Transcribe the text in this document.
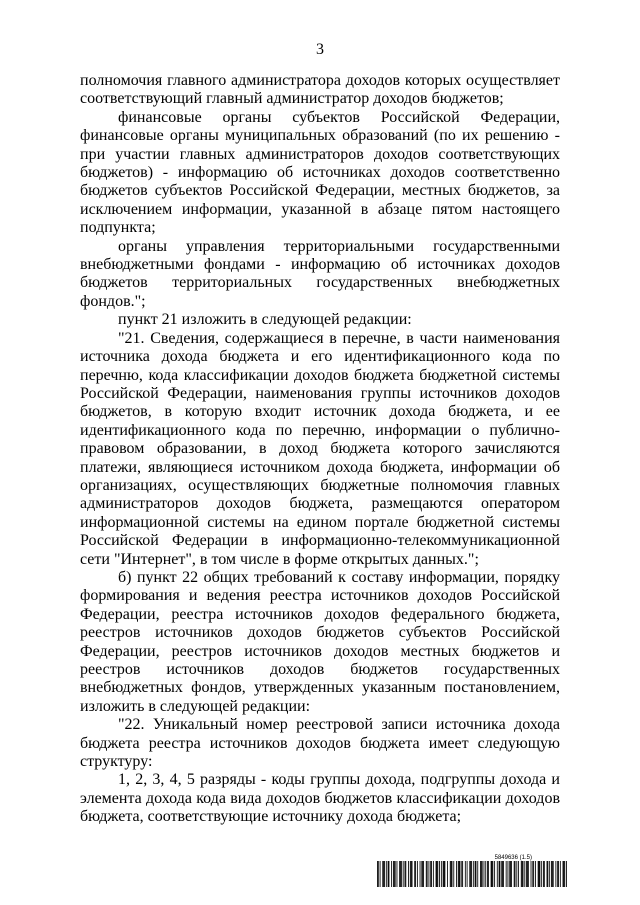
3

полномочия главного администратора доходов которых осуществляет соответствующий главный администратор доходов бюджетов;

финансовые органы субъектов Российской Федерации, финансовые органы муниципальных образований (по их решению - при участии главных администраторов доходов соответствующих бюджетов) - информацию об источниках доходов соответственно бюджетов субъектов Российской Федерации, местных бюджетов, за исключением информации, указанной в абзаце пятом настоящего подпункта;

органы управления территориальными государственными внебюджетными фондами - информацию об источниках доходов бюджетов территориальных государственных внебюджетных фондов.";

пункт 21 изложить в следующей редакции:

"21. Сведения, содержащиеся в перечне, в части наименования источника дохода бюджета и его идентификационного кода по перечню, кода классификации доходов бюджета бюджетной системы Российской Федерации, наименования группы источников доходов бюджетов, в которую входит источник дохода бюджета, и ее идентификационного кода по перечню, информации о публично-правовом образовании, в доход бюджета которого зачисляются платежи, являющиеся источником дохода бюджета, информации об организациях, осуществляющих бюджетные полномочия главных администраторов доходов бюджета, размещаются оператором информационной системы на едином портале бюджетной системы Российской Федерации в информационно-телекоммуникационной сети "Интернет", в том числе в форме открытых данных.";

б) пункт 22 общих требований к составу информации, порядку формирования и ведения реестра источников доходов Российской Федерации, реестра источников доходов федерального бюджета, реестров источников доходов бюджетов субъектов Российской Федерации, реестров источников доходов местных бюджетов и реестров источников доходов бюджетов государственных внебюджетных фондов, утвержденных указанным постановлением, изложить в следующей редакции:

"22. Уникальный номер реестровой записи источника дохода бюджета реестра источников доходов бюджета имеет следующую структуру:

1, 2, 3, 4, 5 разряды - коды группы дохода, подгруппы дохода и элемента дохода кода вида доходов бюджетов классификации доходов бюджета, соответствующие источнику дохода бюджета;

5849636 (1.5)
